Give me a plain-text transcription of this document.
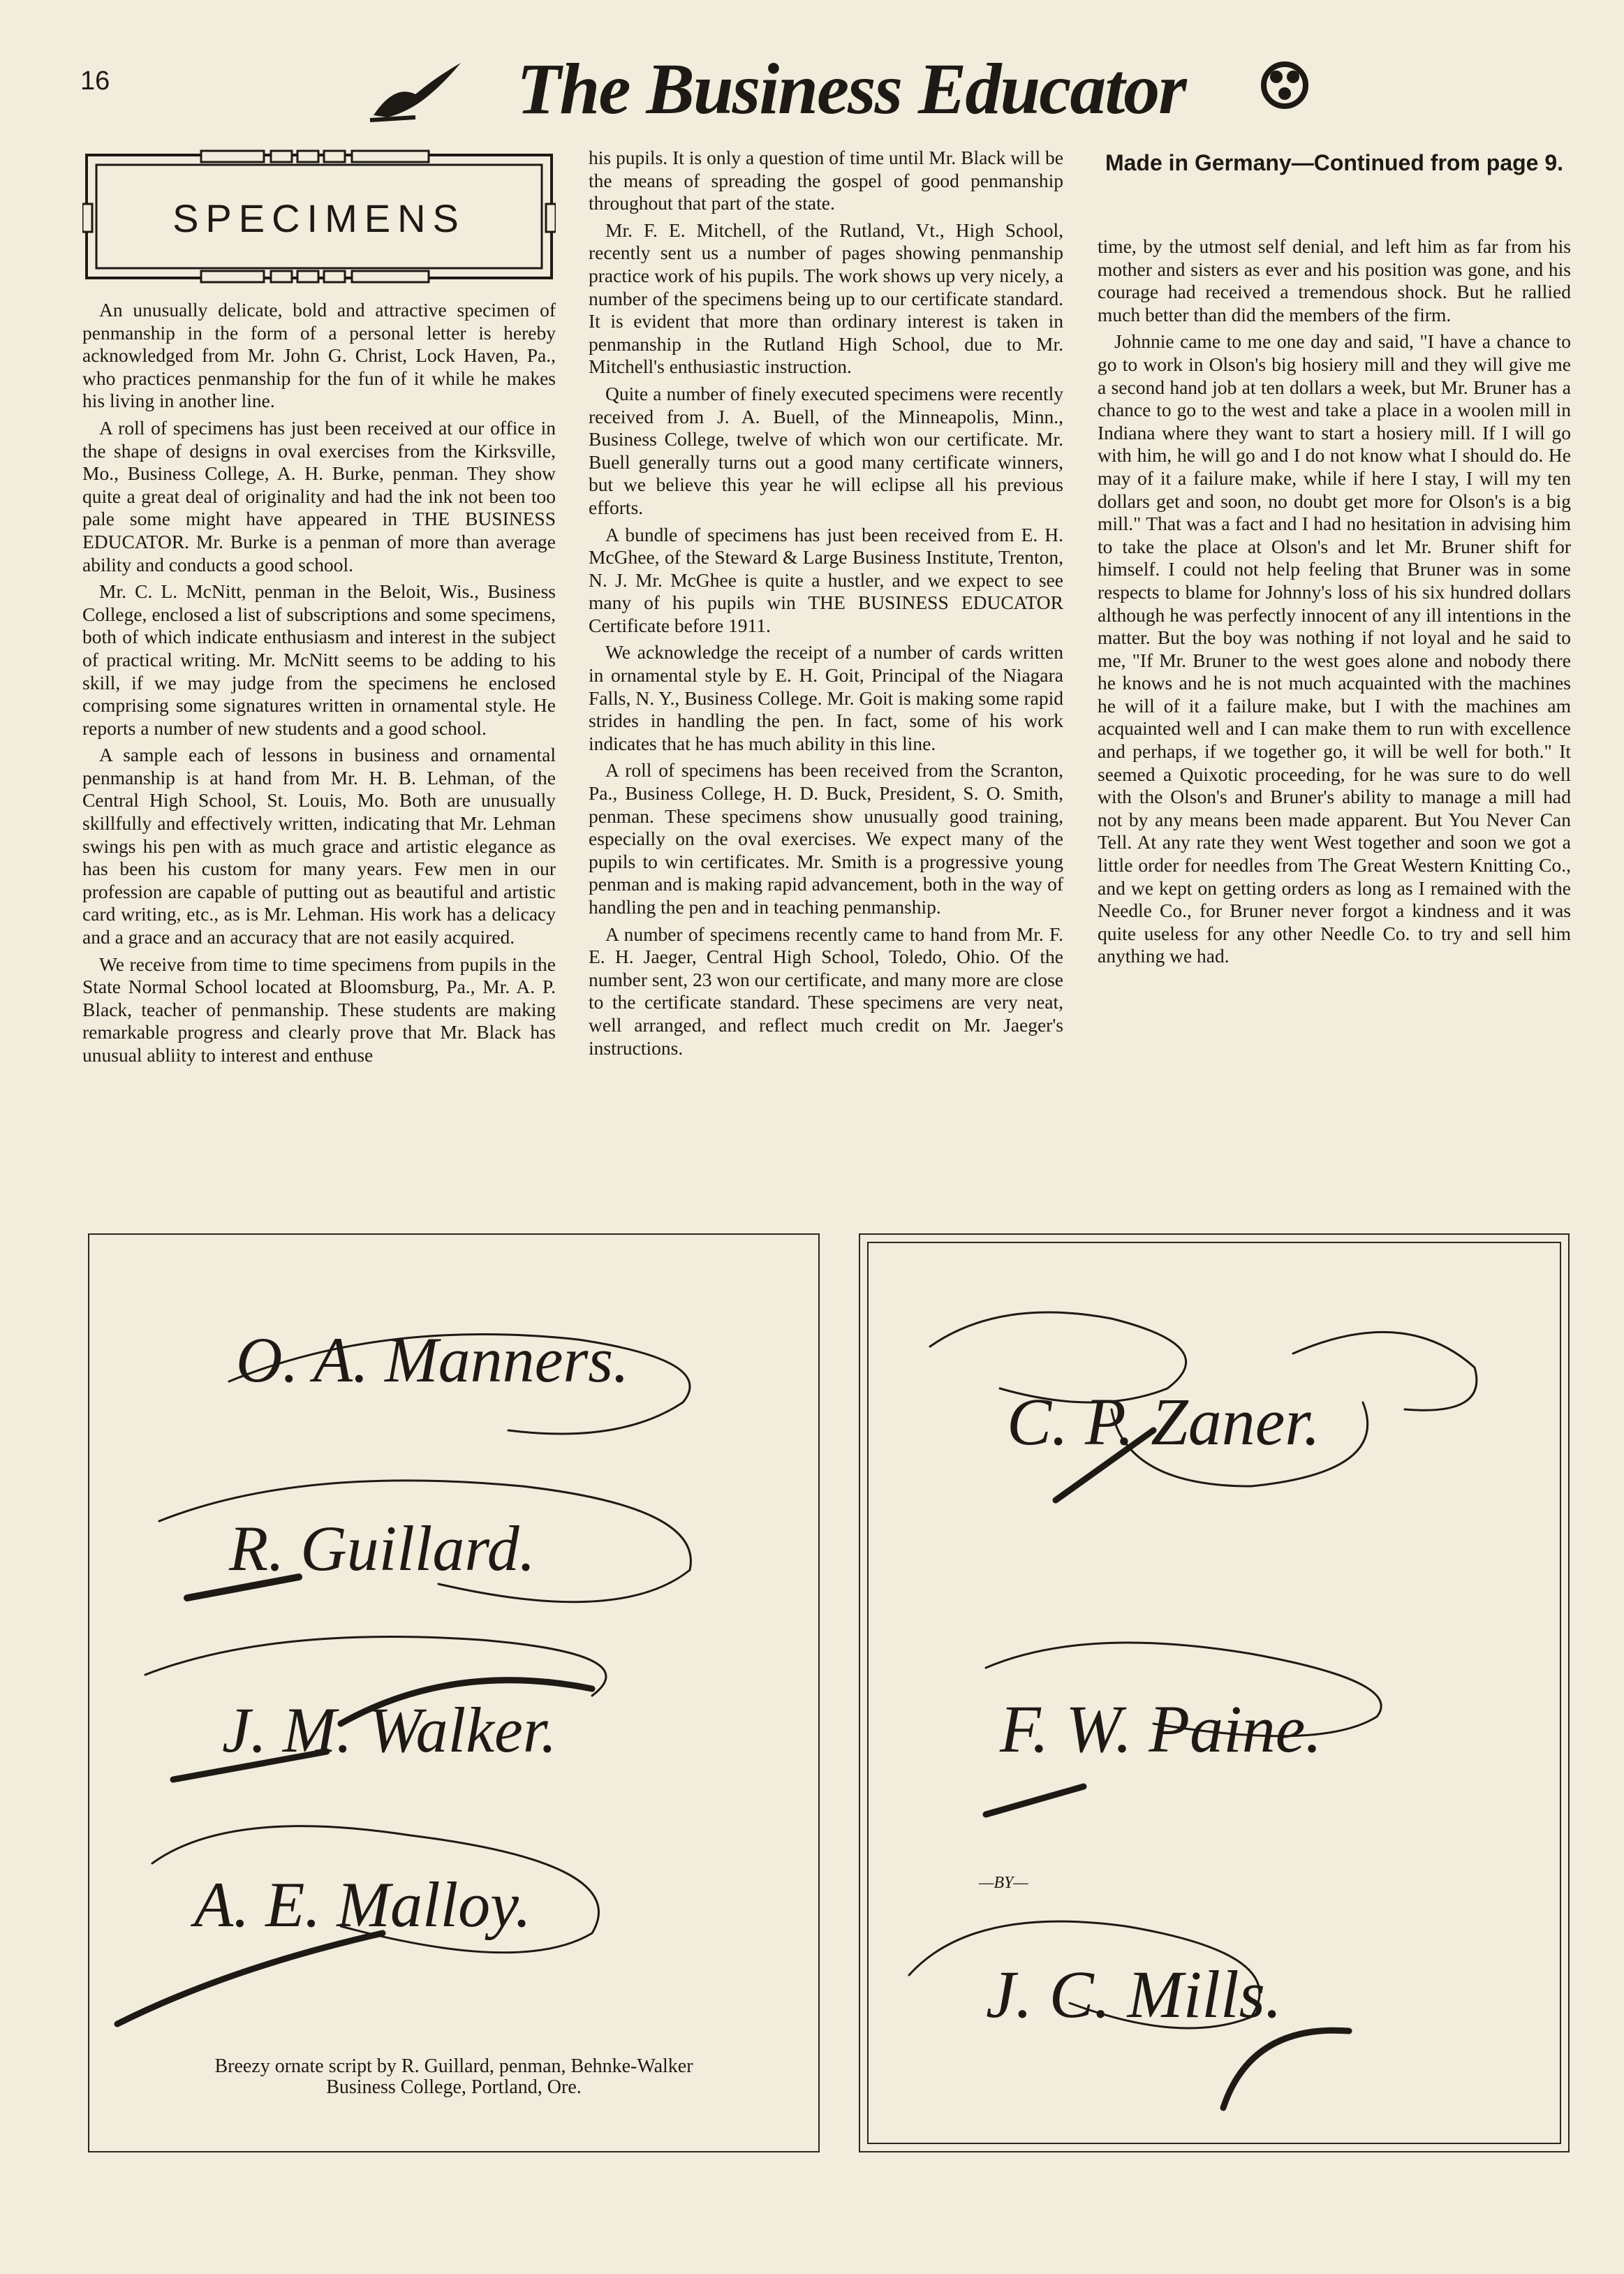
16	The Business Educator
SPECIMENS

An unusually delicate, bold and attractive specimen of penmanship in the form of a personal letter is hereby acknowledged from Mr. John G. Christ, Lock Haven, Pa., who practices penmanship for the fun of it while he makes his living in another line.

A roll of specimens has just been received at our office in the shape of designs in oval exercises from the Kirksville, Mo., Business College, A. H. Burke, penman. They show quite a great deal of originality and had the ink not been too pale some might have appeared in THE BUSINESS EDUCATOR. Mr. Burke is a penman of more than average ability and conducts a good school.

Mr. C. L. McNitt, penman in the Beloit, Wis., Business College, enclosed a list of subscriptions and some specimens, both of which indicate enthusiasm and interest in the subject of practical writing. Mr. McNitt seems to be adding to his skill, if we may judge from the specimens he enclosed comprising some signatures written in ornamental style. He reports a number of new students and a good school.

A sample each of lessons in business and ornamental penmanship is at hand from Mr. H. B. Lehman, of the Central High School, St. Louis, Mo. Both are unusually skillfully and effectively written, indicating that Mr. Lehman swings his pen with as much grace and artistic elegance as has been his custom for many years. Few men in our profession are capable of putting out as beautiful and artistic card writing, etc., as is Mr. Lehman. His work has a delicacy and a grace and an accuracy that are not easily acquired.

We receive from time to time specimens from pupils in the State Normal School located at Bloomsburg, Pa., Mr. A. P. Black, teacher of penmanship. These students are making remarkable progress and clearly prove that Mr. Black has unusual abliity to interest and enthuse

his pupils. It is only a question of time until Mr. Black will be the means of spreading the gospel of good penmanship throughout that part of the state.

Mr. F. E. Mitchell, of the Rutland, Vt., High School, recently sent us a number of pages showing penmanship practice work of his pupils. The work shows up very nicely, a number of the specimens being up to our certificate standard. It is evident that more than ordinary interest is taken in penmanship in the Rutland High School, due to Mr. Mitchell's enthusiastic instruction.

Quite a number of finely executed specimens were recently received from J. A. Buell, of the Minneapolis, Minn., Business College, twelve of which won our certificate. Mr. Buell generally turns out a good many certificate winners, but we believe this year he will eclipse all his previous efforts.

A bundle of specimens has just been received from E. H. McGhee, of the Steward & Large Business Institute, Trenton, N. J. Mr. McGhee is quite a hustler, and we expect to see many of his pupils win THE BUSINESS EDUCATOR Certificate before 1911.

We acknowledge the receipt of a number of cards written in ornamental style by E. H. Goit, Principal of the Niagara Falls, N. Y., Business College. Mr. Goit is making some rapid strides in handling the pen. In fact, some of his work indicates that he has much ability in this line.

A roll of specimens has been received from the Scranton, Pa., Business College, H. D. Buck, President, S. O. Smith, penman. These specimens show unusually good training, especially on the oval exercises. We expect many of the pupils to win certificates. Mr. Smith is a progressive young penman and is making rapid advancement, both in the way of handling the pen and in teaching penmanship.

A number of specimens recently came to hand from Mr. F. E. H. Jaeger, Central High School, Toledo, Ohio. Of the number sent, 23 won our certificate, and many more are close to the certificate standard. These specimens are very neat, well arranged, and reflect much credit on Mr. Jaeger's instructions.

Made in Germany—Continued from page 9.

time, by the utmost self denial, and left him as far from his mother and sisters as ever and his position was gone, and his courage had received a tremendous shock. But he rallied much better than did the members of the firm.

Johnnie came to me one day and said, "I have a chance to go to work in Olson's big hosiery mill and they will give me a second hand job at ten dollars a week, but Mr. Bruner has a chance to go to the west and take a place in a woolen mill in Indiana where they want to start a hosiery mill. If I will go with him, he will go and I do not know what I should do. He may of it a failure make, while if here I stay, I will my ten dollars get and soon, no doubt get more for Olson's is a big mill." That was a fact and I had no hesitation in advising him to take the place at Olson's and let Mr. Bruner shift for himself. I could not help feeling that Bruner was in some respects to blame for Johnny's loss of his six hundred dollars although he was perfectly innocent of any ill intentions in the matter. But the boy was nothing if not loyal and he said to me, "If Mr. Bruner to the west goes alone and nobody there he knows and he is not much acquainted with the machines he will of it a failure make, but I with the machines am acquainted well and I can make them to run with excellence and perhaps, if we together go, it will be well for both." It seemed a Quixotic proceeding, for he was sure to do well with the Olson's and Bruner's ability to manage a mill had not by any means been made apparent. But You Never Can Tell. At any rate they went West together and soon we got a little order for needles from The Great Western Knitting Co., and we kept on getting orders as long as I remained with the Needle Co., for Bruner never forgot a kindness and it was quite useless for any other Needle Co. to try and sell him anything we had.

O. A. Manners.
R. Guillard.
J. M. Walker.
A. E. Malloy.
Breezy ornate script by R. Guillard, penman, Behnke-Walker
Business College, Portland, Ore.
C. P. Zaner.
F. W. Paine.
—BY—
J. C. Mills.
